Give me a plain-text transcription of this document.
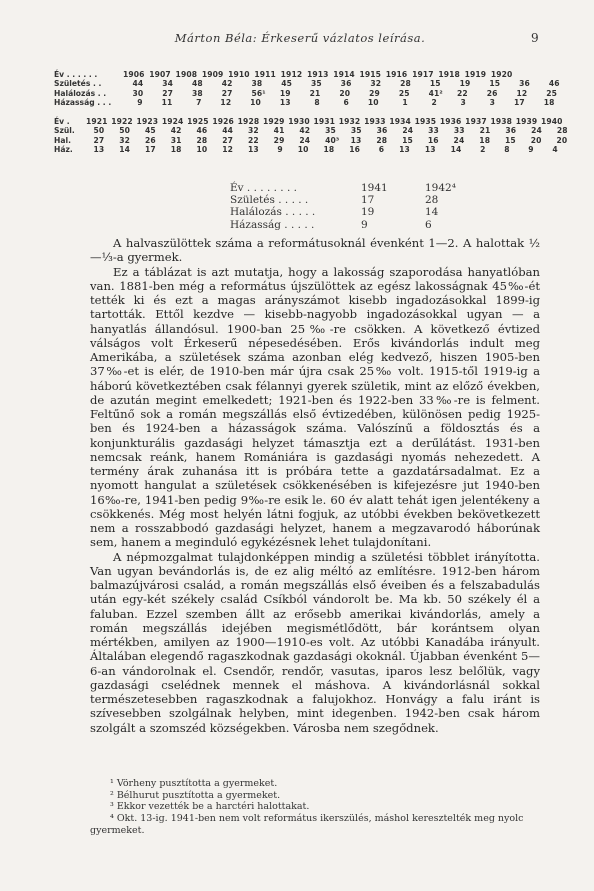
Márton Béla: Érkeserű vázlatos leírása.	9
Év . . . . . .	1906 1907 1908 1909 1910 1911 1912 1913 1914 1915 1916 1917 1918 1919 1920
Születés . .	44    34    48    42    38    45    35    36    32    28    15    19    15    36    46
Halálozás . . 30    27    38    27    56¹   19    21    20    29    25    41²   22    26    12    25
Házasság . . . 9    11     7    12    10    13     8     6    10     1     2     3     3    17    18
Év . 1921 1922 1923 1924 1925 1926 1928 1929 1930 1931 1932 1933 1934 1935 1936 1937 1938 1939 1940
Szül. 50    50    45    42    46    44    32    41    42    35    35    36    24    33    33    21    36    24    28
Hal. 27    32    26    31    28    27    22    29    24    40³   13    28    15    16    24    18    15    20    20
Ház. 13    14    17    18    10    12    13     9    10    18    16     6    13    13    14     2     8     9     4
Év . . . . . . . .	1941	1942⁴
Születés . . . . .	17	28
Halálozás . . . . .	19	14
Házasság . . . . .	9	6

A halvaszülöttek száma a reformátusoknál évenként 1—2. A halottak ½—⅓-a gyermek.

Ez a táblázat is azt mutatja, hogy a lakosság szaporodása hanyatlóban van. 1881-ben még a református újszülöttek az egész lakosságnak 45‰-ét tették ki és ezt a magas arányszámot kisebb ingadozásokkal 1899-ig tartották. Ettől kezdve — kisebb-nagyobb ingadozásokkal ugyan — a hanyatlás állandósul. 1900-ban 25‰-re csökken. A következő évtized válságos volt Érkeserű népesedésében. Erős kivándorlás indult meg Amerikába, a születések száma azonban elég kedvező, hiszen 1905-ben 37‰-et is elér, de 1910-ben már újra csak 25‰ volt. 1915-től 1919-ig a háború következtében csak félannyi gyerek születik, mint az előző években, de azután megint emelkedett; 1921-ben és 1922-ben 33‰-re is felment. Feltűnő sok a román megszállás első évtizedében, különösen pedig 1925-ben és 1924-ben a házasságok száma. Valószínű a földosztás és a konjunkturális gazdasági helyzet támasztja ezt a derűlátást. 1931-ben nemcsak reánk, hanem Romániára is gazdasági nyomás nehezedett. A termény árak zuhanása itt is próbára tette a gazdatársadalmat. Ez a nyomott hangulat a születések csökkenésében is kifejezésre jut 1940-ben 16‰-re, 1941-ben pedig 9‰-re esik le. 60 év alatt tehát igen jelentékeny a csökkenés. Még most helyén látni fogjuk, az utóbbi években bekövetkezett nem a rosszabbodó gazdasági helyzet, hanem a megzavarodó háborúnak sem, hanem a meginduló egykézésnek lehet tulajdonítani.

A népmozgalmat tulajdonképpen mindig a születési többlet irányította. Van ugyan bevándorlás is, de ez alig méltó az említésre. 1912-ben három balmazújvárosi család, a román megszállás első éveiben és a felszabadulás után egy-két székely család Csíkból vándorolt be. Ma kb. 50 székely él a faluban. Ezzel szemben állt az erősebb amerikai kivándorlás, amely a román megszállás idejében megismétlődött, bár korántsem olyan mértékben, amilyen az 1900—1910-es volt. Az utóbbi Kanadába irányult. Általában elegendő ragaszkodnak gazdasági okoknál. Újabban évenként 5—6-an vándorolnak el. Csendőr, rendőr, vasutas, iparos lesz belőlük, vagy gazdasági cselédnek mennek el máshova. A kivándorlásnál sokkal természetesebben ragaszkodnak a falujokhoz. Honvágy a falu iránt is szívesebben szolgálnak helyben, mint idegenben. 1942-ben csak három szolgált a szomszéd községekben. Városba nem szegődnek.

¹ Vörheny pusztította a gyermeket.
² Bélhurut pusztította a gyermeket.
³ Ekkor vezették be a harctéri halottakat.
⁴ Okt. 13-ig. 1941-ben nem volt református ikerszülés, máshol keresztelték meg nyolc gyermeket.
